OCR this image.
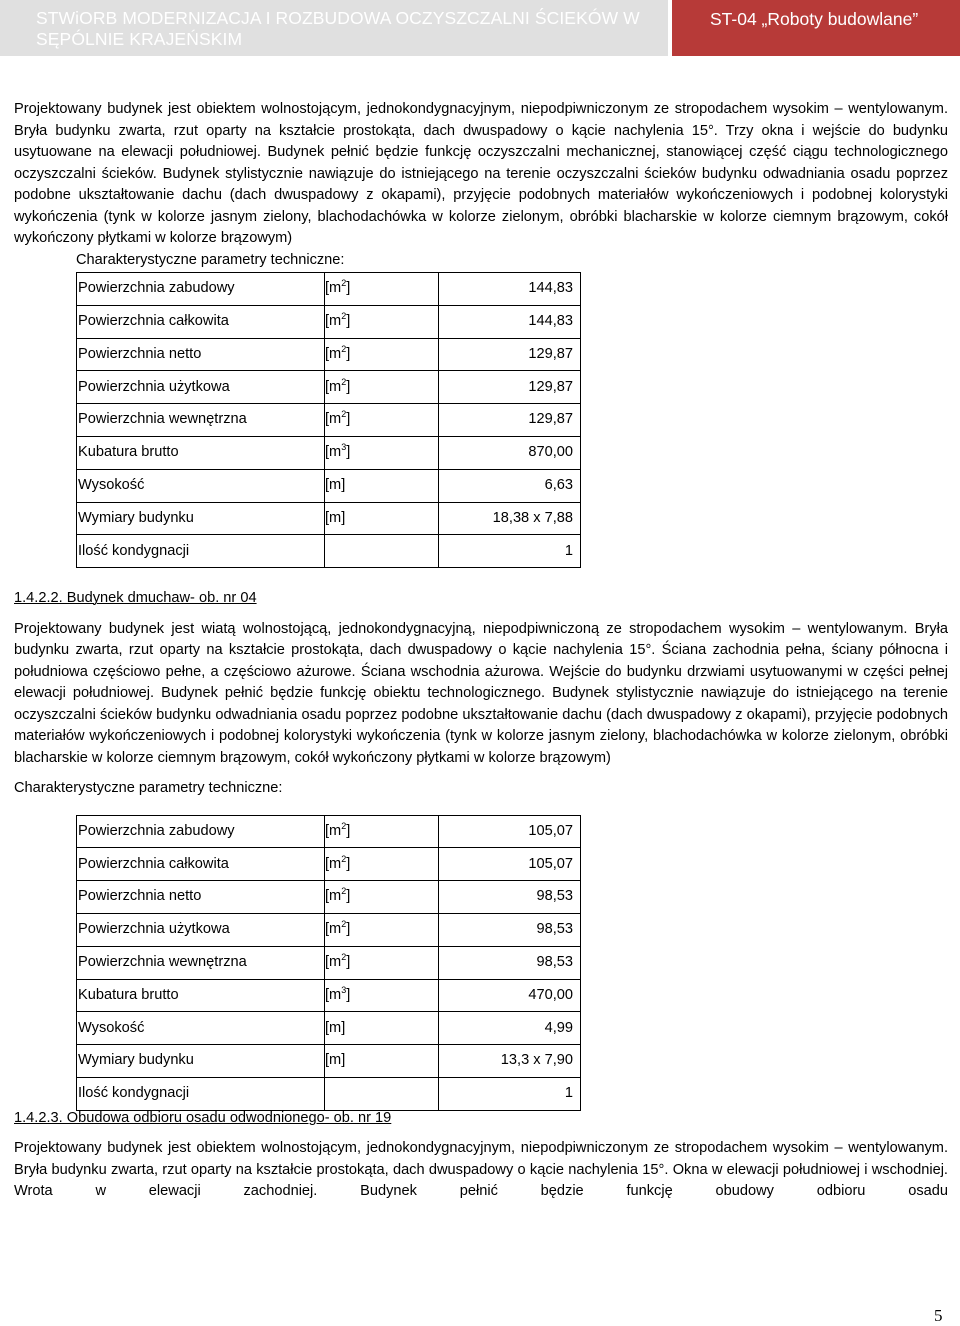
STWiORB MODERNIZACJA I ROZBUDOWA OCZYSZCZALNI ŚCIEKÓW W
SĘPÓLNIE KRAJEŃSKIM
ST-04 „Roboty budowlane”

Projektowany budynek jest obiektem wolnostojącym, jednokondygnacyjnym, niepodpiwniczonym ze stropodachem wysokim – wentylowanym. Bryła budynku zwarta, rzut oparty na kształcie prostokąta, dach dwuspadowy o kącie nachylenia 15°. Trzy okna i wejście do budynku usytuowane na elewacji południowej. Budynek pełnić będzie funkcję oczyszczalni mechanicznej, stanowiącej część ciągu technologicznego oczyszczalni ścieków. Budynek stylistycznie nawiązuje do istniejącego na terenie oczyszczalni ścieków budynku odwadniania osadu poprzez podobne ukształtowanie dachu (dach dwuspadowy z okapami), przyjęcie podobnych materiałów wykończeniowych i podobnej kolorystyki wykończenia (tynk w kolorze jasnym zielony, blachodachówka w kolorze zielonym, obróbki blacharskie w kolorze ciemnym brązowym, cokół wykończony płytkami w kolorze brązowym)

Charakterystyczne parametry techniczne:
Powierzchnia zabudowy	$[m^2]$	144,83
Powierzchnia całkowita	$[m^2]$	144,83
Powierzchnia netto	$[m^2]$	129,87
Powierzchnia użytkowa	$[m^2]$	129,87
Powierzchnia wewnętrzna	$[m^2]$	129,87
Kubatura brutto	$[m^3]$	870,00
Wysokość	[m]	6,63
Wymiary budynku	[m]	18,38 x 7,88
Ilość kondygnacji		1
1.4.2.2. Budynek dmuchaw- ob. nr 04

Projektowany budynek jest wiatą wolnostojącą, jednokondygnacyjną, niepodpiwniczoną ze stropodachem wysokim – wentylowanym. Bryła budynku zwarta, rzut oparty na kształcie prostokąta, dach dwuspadowy o kącie nachylenia 15°. Ściana zachodnia pełna, ściany północna i południowa częściowo pełne, a częściowo ażurowe. Ściana wschodnia ażurowa. Wejście do budynku drzwiami usytuowanymi w części pełnej elewacji południowej. Budynek pełnić będzie funkcję obiektu technologicznego. Budynek stylistycznie nawiązuje do istniejącego na terenie oczyszczalni ścieków budynku odwadniania osadu poprzez podobne ukształtowanie dachu (dach dwuspadowy z okapami), przyjęcie podobnych materiałów wykończeniowych i podobnej kolorystyki wykończenia (tynk w kolorze jasnym zielony, blachodachówka w kolorze zielonym, obróbki blacharskie w kolorze ciemnym brązowym, cokół wykończony płytkami w kolorze brązowym)

Charakterystyczne parametry techniczne:
Powierzchnia zabudowy	$[m^2]$	105,07
Powierzchnia całkowita	$[m^2]$	105,07
Powierzchnia netto	$[m^2]$	98,53
Powierzchnia użytkowa	$[m^2]$	98,53
Powierzchnia wewnętrzna	$[m^2]$	98,53
Kubatura brutto	$[m^3]$	470,00
Wysokość	[m]	4,99
Wymiary budynku	[m]	13,3 x 7,90
Ilość kondygnacji		1
1.4.2.3. Obudowa odbioru osadu odwodnionego- ob. nr 19

Projektowany budynek jest obiektem wolnostojącym, jednokondygnacyjnym, niepodpiwniczonym ze stropodachem wysokim – wentylowanym. Bryła budynku zwarta, rzut oparty na kształcie prostokąta, dach dwuspadowy o kącie nachylenia 15°. Okna w elewacji południowej i wschodniej. Wrota w elewacji zachodniej. Budynek pełnić będzie funkcję obudowy odbioru osadu

5
